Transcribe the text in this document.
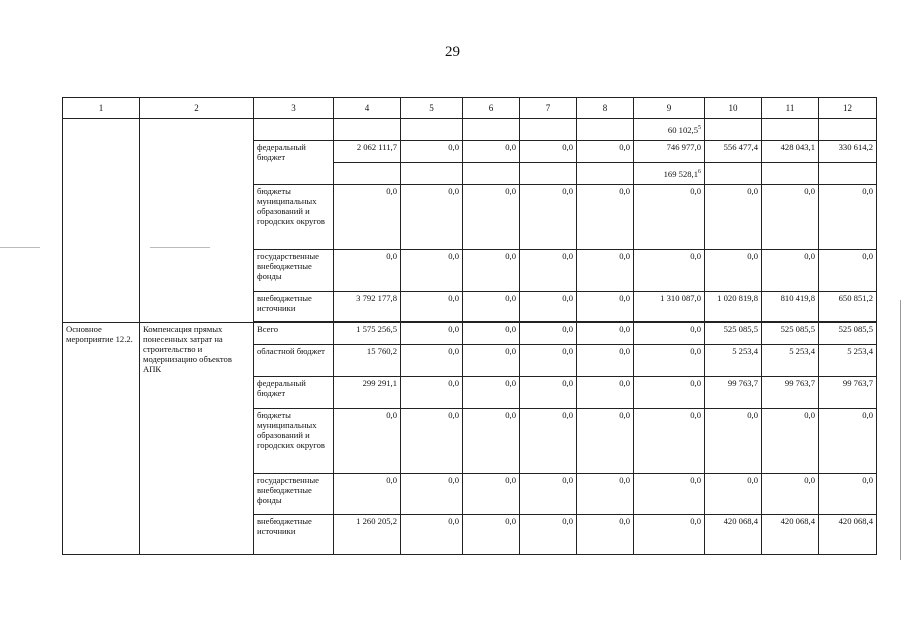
29
1	2	3	4	5	6	7	8	9	10	11	12
								60 102,5$^5$			
		федеральный бюджет	2 062 111,7	0,0	0,0	0,0	0,0	746 977,0	556 477,4	428 043,1	330 614,2
								169 528,1$^6$			
		бюджеты муниципальных образований и городских округов	0,0	0,0	0,0	0,0	0,0	0,0	0,0	0,0	0,0
		государственные внебюджетные фонды	0,0	0,0	0,0	0,0	0,0	0,0	0,0	0,0	0,0
		внебюджетные источники	3 792 177,8	0,0	0,0	0,0	0,0	1 310 087,0	1 020 819,8	810 419,8	650 851,2

Основное мероприятие 12.2.	Компенсация прямых понесенных затрат на строительство и модернизацию объектов АПК	Всего	1 575 256,5	0,0	0,0	0,0	0,0	0,0	525 085,5	525 085,5	525 085,5
		областной бюджет	15 760,2	0,0	0,0	0,0	0,0	0,0	5 253,4	5 253,4	5 253,4
		федеральный бюджет	299 291,1	0,0	0,0	0,0	0,0	0,0	99 763,7	99 763,7	99 763,7
		бюджеты муниципальных образований и городских округов	0,0	0,0	0,0	0,0	0,0	0,0	0,0	0,0	0,0
		государственные внебюджетные фонды	0,0	0,0	0,0	0,0	0,0	0,0	0,0	0,0	0,0
		внебюджетные источники	1 260 205,2	0,0	0,0	0,0	0,0	0,0	420 068,4	420 068,4	420 068,4
